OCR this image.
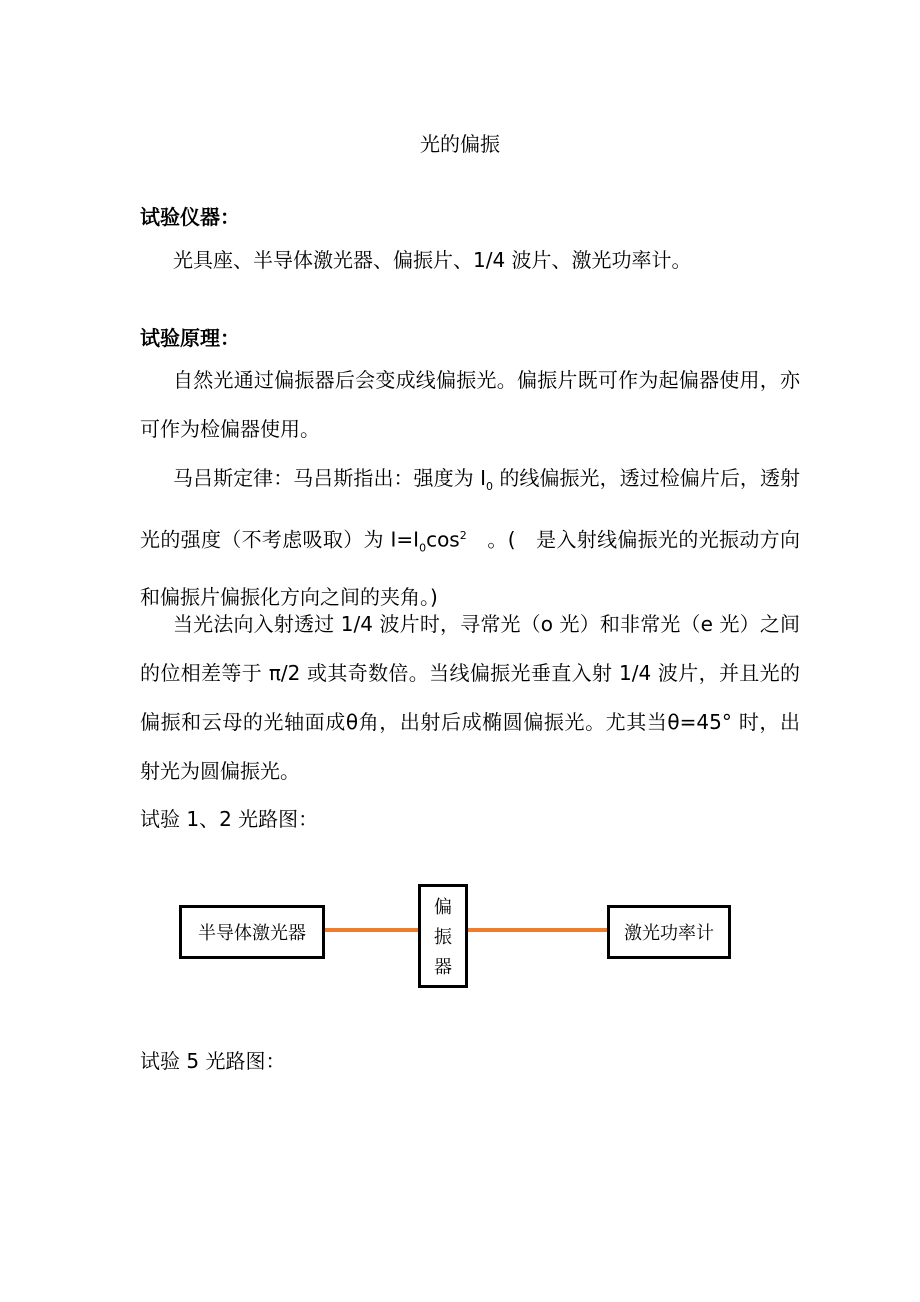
光的偏振
试验仪器：
光具座、半导体激光器、偏振片、1/4 波片、激光功率计。
试验原理：
自然光通过偏振器后会变成线偏振光。偏振片既可作为起偏器使用，亦可作为检偏器使用。
马吕斯定律：马吕斯指出：强度为 $I_0$ 的线偏振光，透过检偏片后，透射光的强度（不考虑吸取）为 $I=I_0\cos^2$　。(　是入射线偏振光的光振动方向和偏振片偏振化方向之间的夹角。)
当光法向入射透过 1/4 波片时，寻常光（o 光）和非常光（e 光）之间的位相差等于 π/2 或其奇数倍。当线偏振光垂直入射 1/4 波片，并且光的偏振和云母的光轴面成θ角，出射后成椭圆偏振光。尤其当θ=45° 时，出射光为圆偏振光。
试验 1、2 光路图：
半导体激光器
偏
振
器
激光功率计
试验 5 光路图：
